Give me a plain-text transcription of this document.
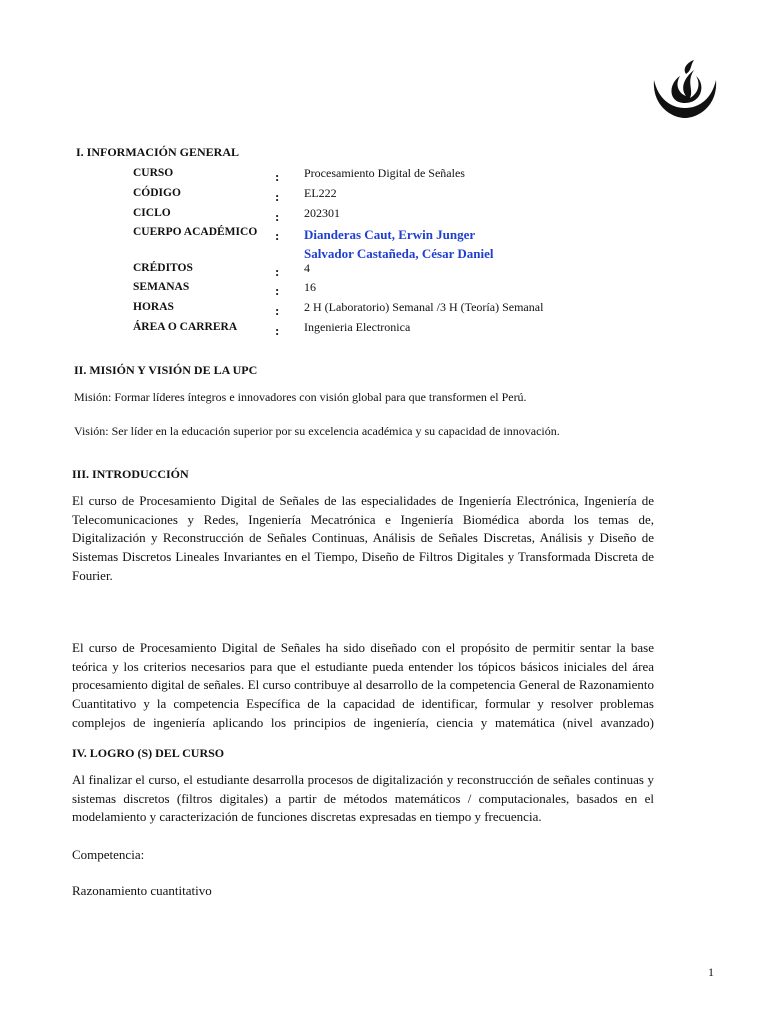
I. INFORMACIÓN GENERAL
CURSO	:	Procesamiento Digital de Señales
CÓDIGO	:	EL222
CICLO	:	202301
CUERPO ACADÉMICO	:	Dianderas Caut, Erwin Junger
Salvador Castañeda, César Daniel
CRÉDITOS	:	4
SEMANAS	:	16
HORAS	:	2 H (Laboratorio) Semanal /3 H (Teoría) Semanal
ÁREA O CARRERA	:	Ingenieria Electronica
II. MISIÓN Y VISIÓN DE LA UPC

Misión: Formar líderes íntegros e innovadores con visión global para que transformen el Perú.

Visión: Ser líder en la educación superior por su excelencia académica y su capacidad de innovación.

III. INTRODUCCIÓN
El curso de Procesamiento Digital de Señales de las especialidades de Ingeniería Electrónica, Ingeniería de
Telecomunicaciones y Redes, Ingeniería Mecatrónica e Ingeniería Biomédica aborda los temas de,
Digitalización y Reconstrucción de Señales Continuas, Análisis de Señales Discretas, Análisis y Diseño de
Sistemas Discretos Lineales Invariantes en el Tiempo, Diseño de Filtros Digitales y Transformada Discreta de
Fourier.
El curso de Procesamiento Digital de Señales ha sido diseñado con el propósito de permitir sentar la base
teórica y los criterios necesarios para que el estudiante pueda entender los tópicos básicos iniciales del área
procesamiento digital de señales. El curso contribuye al desarrollo de la competencia General de Razonamiento
Cuantitativo y la competencia Específica de la capacidad de identificar, formular y resolver problemas
complejos de ingeniería aplicando los principios de ingeniería, ciencia y matemática (nivel avanzado)
IV. LOGRO (S) DEL CURSO
Al finalizar el curso, el estudiante desarrolla procesos de digitalización y reconstrucción de señales continuas y
sistemas discretos (filtros digitales) a partir de métodos matemáticos / computacionales, basados en el
modelamiento y caracterización de funciones discretas expresadas en tiempo y frecuencia.

Competencia:

Razonamiento cuantitativo

1
